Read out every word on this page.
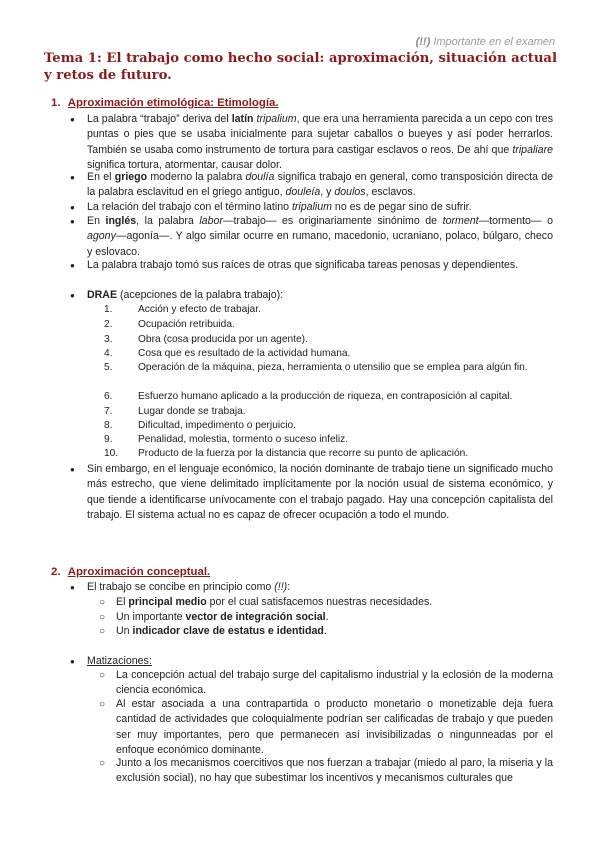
(!!) Importante en el examen
Tema 1: El trabajo como hecho social: aproximación, situación actual y retos de futuro.
1. Aproximación etimológica: Etimología.
● La palabra “trabajo” deriva del latín tripalium, que era una herramienta parecida a un cepo con tres puntas o pies que se usaba inicialmente para sujetar caballos o bueyes y así poder herrarlos. También se usaba como instrumento de tortura para castigar esclavos o reos. De ahí que tripaliare significa tortura, atormentar, causar dolor.
● En el griego moderno la palabra doulía significa trabajo en general, como transposición directa de la palabra esclavitud en el griego antiguo, douleía, y doulos, esclavos.
● La relación del trabajo con el término latino tripalium no es de pegar sino de sufrir.
● En inglés, la palabra labor—trabajo— es originariamente sinónimo de torment—tormento— o agony—agonía—. Y algo similar ocurre en rumano, macedonio, ucraniano, polaco, búlgaro, checo y eslovaco.
● La palabra trabajo tomó sus raíces de otras que significaba tareas penosas y dependientes.
● DRAE (acepciones de la palabra trabajo):
1.	Acción y efecto de trabajar.
2.	Ocupación retribuida.
3.	Obra (cosa producida por un agente).
4.	Cosa que es resultado de la actividad humana.
5.	Operación de la máquina, pieza, herramienta o utensilio que se emplea para algún fin.
6.	Esfuerzo humano aplicado a la producción de riqueza, en contraposición al capital.
7.	Lugar donde se trabaja.
8.	Dificultad, impedimento o perjuicio.
9.	Penalidad, molestia, tormento o suceso infeliz.
10. Producto de la fuerza por la distancia que recorre su punto de aplicación.
● Sin embargo, en el lenguaje económico, la noción dominante de trabajo tiene un significado mucho más estrecho, que viene delimitado implícitamente por la noción usual de sistema económico, y que tiende a identificarse unívocamente con el trabajo pagado. Hay una concepción capitalista del trabajo. El sistema actual no es capaz de ofrecer ocupación a todo el mundo.
2. Aproximación conceptual.
● El trabajo se concibe en principio como (!!):
○ El principal medio por el cual satisfacemos nuestras necesidades.
○ Un importante vector de integración social.
○ Un indicador clave de estatus e identidad.
● Matizaciones:
○ La concepción actual del trabajo surge del capitalismo industrial y la eclosión de la moderna ciencia económica.
○ Al estar asociada a una contrapartida o producto monetario o monetizable deja fuera cantidad de actividades que coloquialmente podrían ser calificadas de trabajo y que pueden ser muy importantes, pero que permanecen así invisibilizadas o ningunneadas por el enfoque económico dominante.
○ Junto a los mecanismos coercitivos que nos fuerzan a trabajar (miedo al paro, la miseria y la exclusión social), no hay que subestimar los incentivos y mecanismos culturales que
